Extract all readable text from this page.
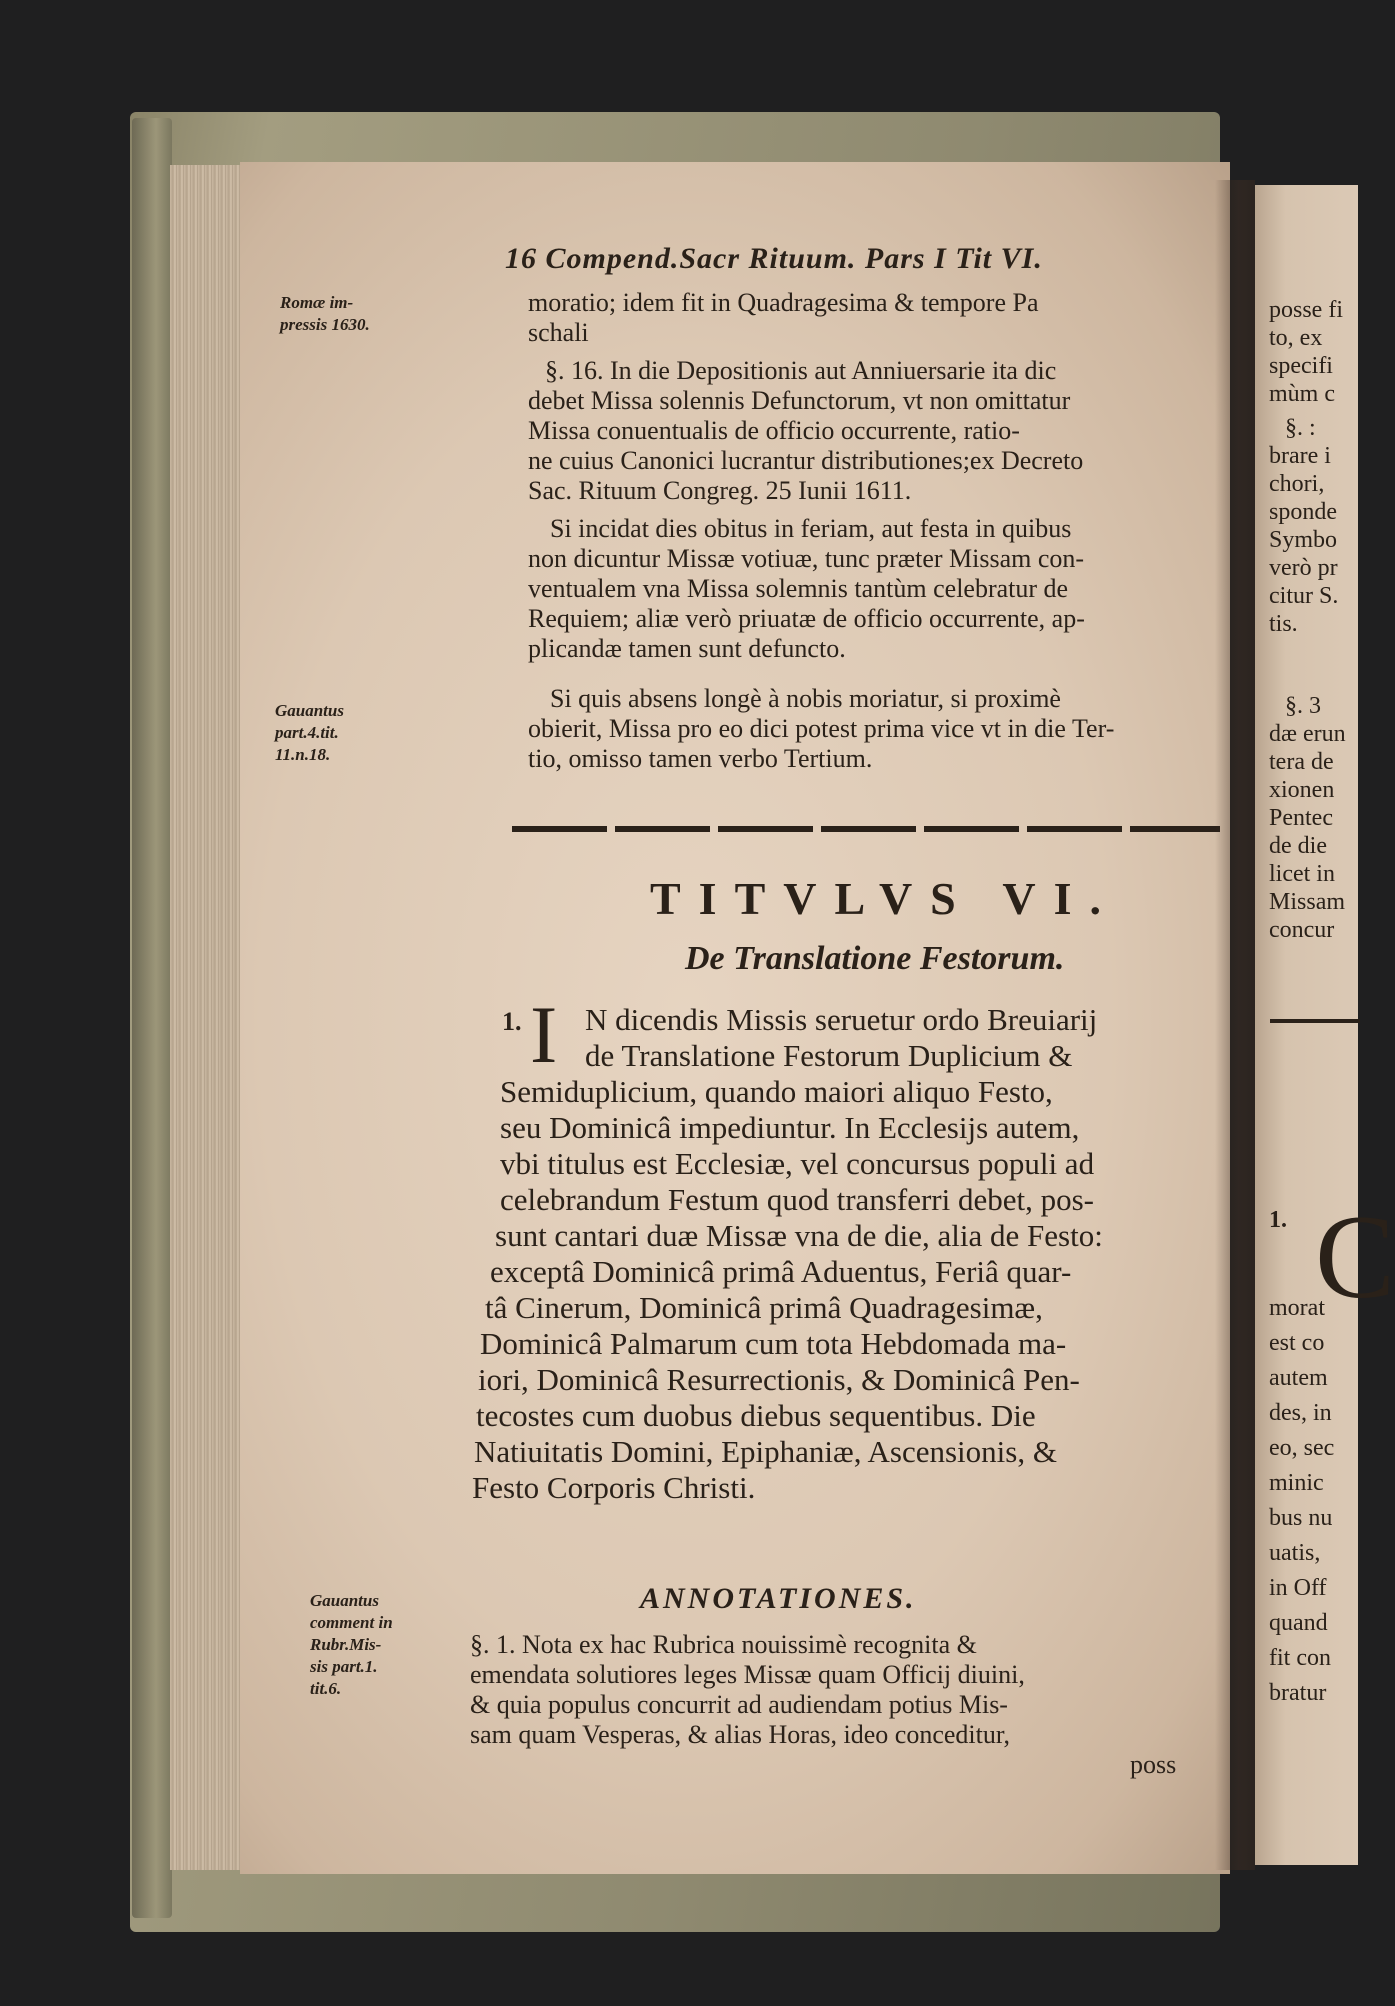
16 Compend.Sacr Rituum. Pars I Tit VI.
Romæ im-
pressis 1630.
Gauantus
part.4.tit.
11.n.18.
Gauantus
comment in
Rubr.Mis-
sis part.1.
tit.6.
moratio; idem fit in Quadragesima & tempore Pa
schali
§. 16. In die Depositionis aut Anniuersarie ita dic
debet Missa solennis Defunctorum, vt non omittatur
Missa conuentualis de officio occurrente, ratio-
ne cuius Canonici lucrantur distributiones;ex Decreto
Sac. Rituum Congreg. 25 Iunii 1611.
Si incidat dies obitus in feriam, aut festa in quibus
non dicuntur Missæ votiuæ, tunc præter Missam con-
ventualem vna Missa solemnis tantùm celebratur de
Requiem; aliæ verò priuatæ de officio occurrente, ap-
plicandæ tamen sunt defuncto.
Si quis absens longè à nobis moriatur, si proximè
obierit, Missa pro eo dici potest prima vice vt in die Ter-
tio, omisso tamen verbo Tertium.
TITVLVS VI.
De Translatione Festorum.
1. I N dicendis Missis seruetur ordo Breuiarij
de Translatione Festorum Duplicium &
Semiduplicium, quando maiori aliquo Festo,
seu Dominicâ impediuntur. In Ecclesijs autem,
vbi titulus est Ecclesiæ, vel concursus populi ad
celebrandum Festum quod transferri debet, pos-
sunt cantari duæ Missæ vna de die, alia de Festo:
exceptâ Dominicâ primâ Aduentus, Feriâ quar-
tâ Cinerum, Dominicâ primâ Quadragesimæ,
Dominicâ Palmarum cum tota Hebdomada ma-
iori, Dominicâ Resurrectionis, & Dominicâ Pen-
tecostes cum duobus diebus sequentibus. Die
Natiuitatis Domini, Epiphaniæ, Ascensionis, &
Festo Corporis Christi.
ANNOTATIONES.
§. 1. Nota ex hac Rubrica nouissimè recognita &
emendata solutiores leges Missæ quam Officij diuini,
& quia populus concurrit ad audiendam potius Mis-
sam quam Vesperas, & alias Horas, ideo conceditur,
poss
posse fi
to, ex
specifi
mùm c
§. :
brare i
chori,
sponde
Symbo
verò pr
citur S.
tis.
§. 3
dæ erun
tera de
xionen
Pentec
de die
licet in
Missam
concur
1. C
morat
est co
autem
des, in
eo, sec
minic
bus nu
uatis,
in Off
quand
fit con
bratur
